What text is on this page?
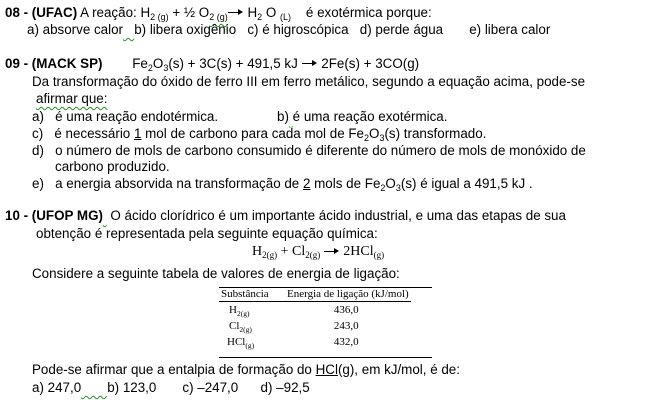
08 - (UFAC) A reação: $H_{2 (g)}$ + ½ $O_{2 (g)}$ $H_2$ O $_{(L)}$ é exotérmica porque:
a) absorve calor b) libera oxigênio c) é higroscópica d) perde água e) libera calor
09 - (MACK SP) $Fe_2O_3(s) + 3C(s) + 491,5$ kJ  2Fe(s) + 3CO(g)
Da transformação do óxido de ferro III em ferro metálico, segundo a equação acima, pode-se
afirmar que:
a) é uma reação endotérmica.	b) é uma reação exotérmica.
c) é necessário 1 mol de carbono para cada mol de $Fe_2O_3(s)$ transformado.
d) o número de mols de carbono consumido é diferente do número de mols de monóxido de
carbono produzido.
e) a energia absorvida na transformação de 2 mols de $Fe_2O_3(s)$ é igual a 491,5 kJ .
10 - (UFOP MG)  O ácido clorídrico é um importante ácido industrial, e uma das etapas de sua
obtenção é representada pela seguinte equação química:
$H_{2(g)} + Cl_{2(g)}$  2HCl$_{(g)}$
Considere a seguinte tabela de valores de energia de ligação:
Substância	Energia de ligação (kJ/mol)
$H_{2(g)}$	436,0
$Cl_{2(g)}$	243,0
HCl$_{(g)}$	432,0
Pode-se afirmar que a entalpia de formação do HCl(g), em kJ/mol, é de:
a) 247,0 b) 123,0 c) –247,0 d) –92,5
